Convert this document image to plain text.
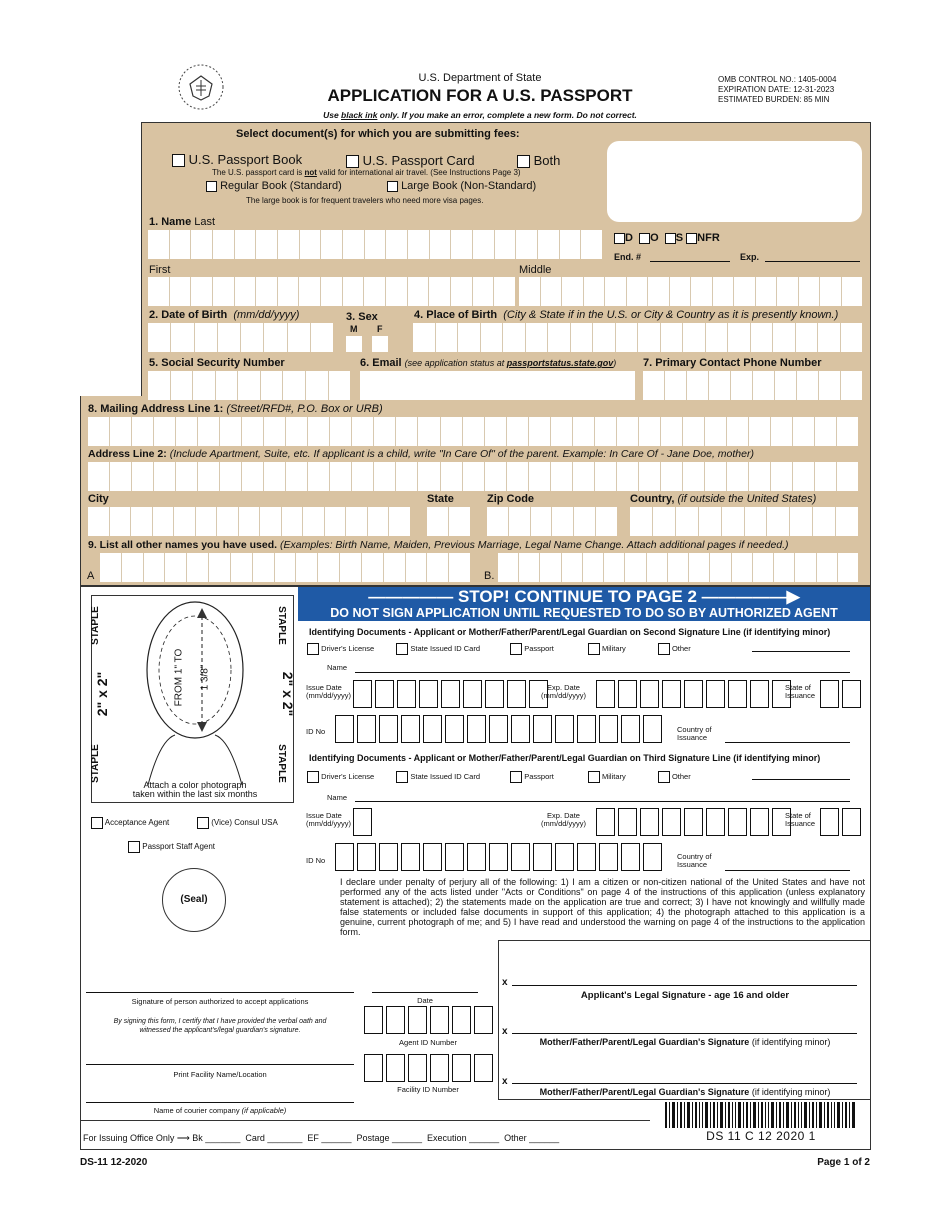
U.S. Department of State
APPLICATION FOR A U.S. PASSPORT
Use black ink only. If you make an error, complete a new form. Do not correct.
OMB CONTROL NO.: 1405-0004
EXPIRATION DATE: 12-31-2023
ESTIMATED BURDEN: 85 MIN
Select document(s) for which you are submitting fees:
U.S. Passport Book	U.S. Passport Card	Both
The U.S. passport card is not valid for international air travel. (See Instructions Page 3)
Regular Book (Standard)	Large Book (Non-Standard)
The large book is for frequent travelers who need more visa pages.
1. Name Last
D O S NFR
End. #	Exp.
First	Middle
2. Date of Birth (mm/dd/yyyy)	3. Sex
M F
4. Place of Birth (City & State if in the U.S. or City & Country as it is presently known.)
5. Social Security Number	6. Email (see application status at passportstatus.state.gov) 7. Primary Contact Phone Number
8. Mailing Address Line 1: (Street/RFD#, P.O. Box or URB)
Address Line 2: (Include Apartment, Suite, etc. If applicant is a child, write "In Care Of" of the parent. Example: In Care Of - Jane Doe, mother)
City	State	Zip Code	Country, (if outside the United States)
9. List all other names you have used. (Examples: Birth Name, Maiden, Previous Marriage, Legal Name Change. Attach additional pages if needed.)
A	B.
————— STOP! CONTINUE TO PAGE 2 —————▶
DO NOT SIGN APPLICATION UNTIL REQUESTED TO DO SO BY AUTHORIZED AGENT
STAPLE	STAPLE
STAPLE	STAPLE
2" x 2"	2" x 2"
FROM 1" TO 1 3/8"
Attach a color photograph
taken within the last six months
Acceptance Agent	(Vice) Consul USA
Passport Staff Agent
(Seal)
Identifying Documents - Applicant or Mother/Father/Parent/Legal Guardian on Second Signature Line (if identifying minor)
Driver's License	State Issued ID Card	Passport	Military	Other
Name
Issue Date
(mm/dd/yyyy)
Exp. Date
(mm/dd/yyyy)
State of
Issuance
ID No	Country of
Issuance
Identifying Documents - Applicant or Mother/Father/Parent/Legal Guardian on Third Signature Line (if identifying minor)
Driver's License	State Issued ID Card	Passport	Military	Other
Name
Issue Date
(mm/dd/yyyy)
Exp. Date
(mm/dd/yyyy)
State of
Issuance
ID No	Country of
Issuance
I declare under penalty of perjury all of the following: 1) I am a citizen or non-citizen national of the United States and have not performed any of the acts listed under "Acts or Conditions" on page 4 of the instructions of this application (unless explanatory statement is attached); 2) the statements made on the application are true and correct; 3) I have not knowingly and willfully made false statements or included false documents in support of this application; 4) the photograph attached to this application is a genuine, current photograph of me; and 5) I have read and understood the warning on page 4 of the instructions to the application form.
x
Applicant's Legal Signature - age 16 and older
x
Mother/Father/Parent/Legal Guardian's Signature (if identifying minor)
x
Mother/Father/Parent/Legal Guardian's Signature (if identifying minor)
Signature of person authorized to accept applications
By signing this form, I certify that I have provided the verbal oath and witnessed the applicant's/legal guardian's signature.
Date
Agent ID Number
Print Facility Name/Location
Facility ID Number
Name of courier company (if applicable)
For Issuing Office Only ⟶ Bk _______  Card _______  EF ______  Postage ______  Execution ______  Other ______	DS 11 C 12 2020 1
DS-11 12-2020	Page 1 of 2
